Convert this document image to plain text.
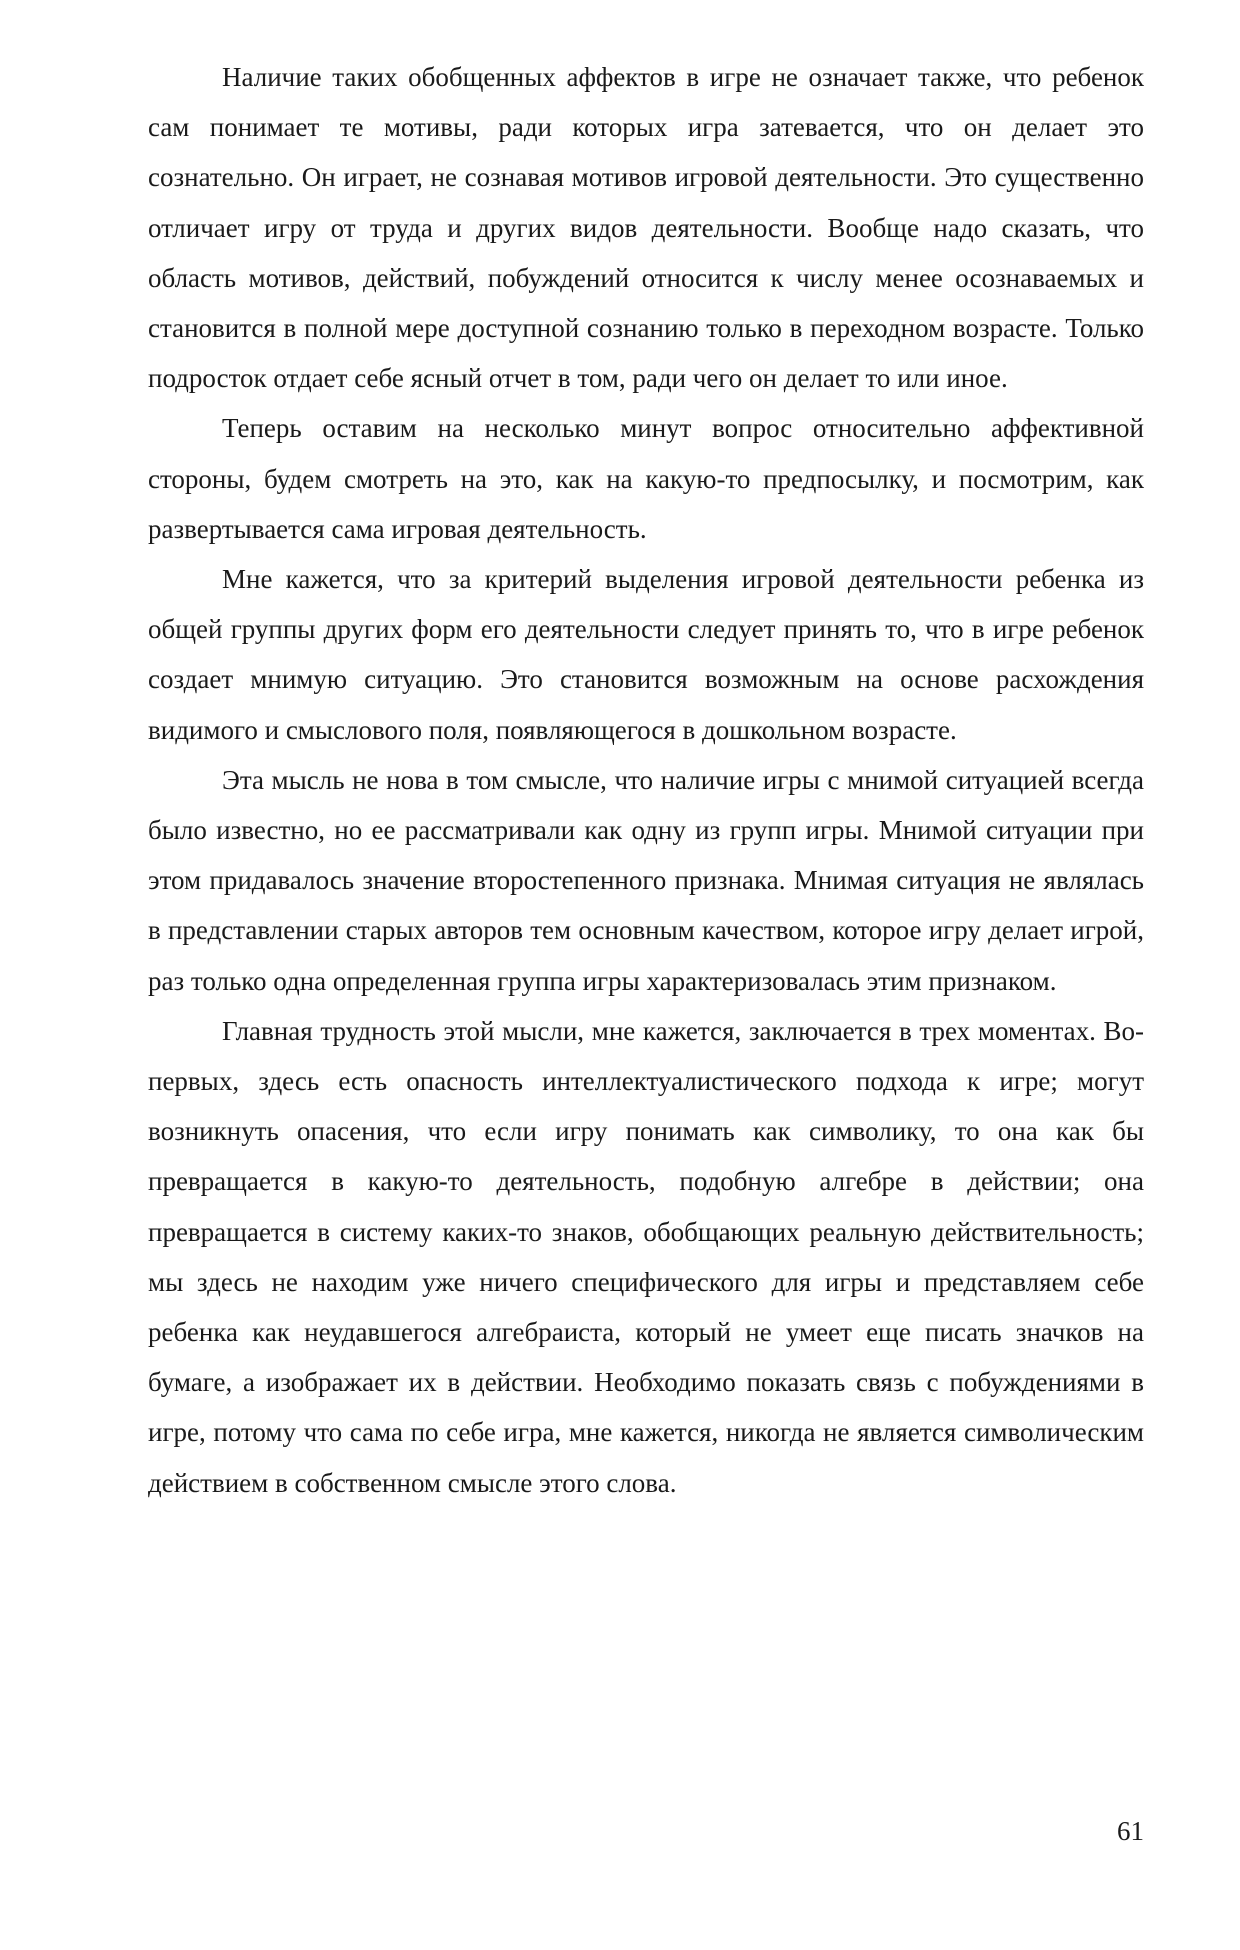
Наличие таких обобщенных аффектов в игре не означает также, что ребенок сам понимает те мотивы, ради которых игра затевается, что он делает это сознательно. Он играет, не сознавая мотивов игровой деятельности. Это существенно отличает игру от труда и других видов деятельности. Вообще надо сказать, что область мотивов, действий, побуждений относится к числу менее осознаваемых и становится в полной мере доступной сознанию только в переходном возрасте. Только подросток отдает себе ясный отчет в том, ради чего он делает то или иное.

Теперь оставим на несколько минут вопрос относительно аффективной стороны, будем смотреть на это, как на какую-то предпосылку, и посмотрим, как развертывается сама игровая деятельность.

Мне кажется, что за критерий выделения игровой деятельности ребенка из общей группы других форм его деятельности следует принять то, что в игре ребенок создает мнимую ситуацию. Это становится возможным на основе расхождения видимого и смыслового поля, появляющегося в дошкольном возрасте.

Эта мысль не нова в том смысле, что наличие игры с мнимой ситуацией всегда было известно, но ее рассматривали как одну из групп игры. Мнимой ситуации при этом придавалось значение второстепенного признака. Мнимая ситуация не являлась в представлении старых авторов тем основным качеством, которое игру делает игрой, раз только одна определенная группа игры характеризовалась этим признаком.

Главная трудность этой мысли, мне кажется, заключается в трех моментах. Во-первых, здесь есть опасность интеллектуалистического подхода к игре; могут возникнуть опасения, что если игру понимать как символику, то она как бы превращается в какую-то деятельность, подобную алгебре в действии; она превращается в систему каких-то знаков, обобщающих реальную действительность; мы здесь не находим уже ничего специфического для игры и представляем себе ребенка как неудавшегося алгебраиста, который не умеет еще писать значков на бумаге, а изображает их в действии. Необходимо показать связь с побуждениями в игре, потому что сама по себе игра, мне кажется, никогда не является символическим действием в собственном смысле этого слова.

61
